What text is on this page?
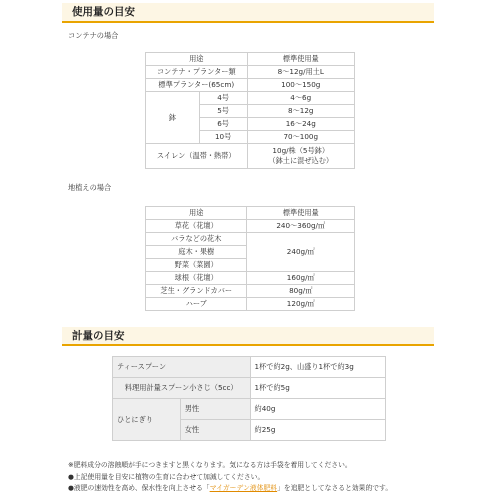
使用量の目安
コンテナの場合
用途		標準使用量
コンテナ・プランター類		8～12g/用土L
標準プランター(65cm)		100～150g
鉢	4号	4～6g
	5号	8～12g
	6号	16～24g
	10号	70～100g
スイレン（温帯・熱帯）		10g/株（5号鉢）
（鉢土に混ぜ込む）
地植えの場合
用途	標準使用量
草花（花壇）	240～360g/㎡
バラなどの花木	240g/㎡
庭木・果樹	
野菜（菜園）	
球根（花壇）	160g/㎡
芝生・グランドカバー	80g/㎡
ハーブ	120g/㎡
計量の目安
ティースプーン		1杯で約2g、山盛り1杯で約3g
料理用計量スプーン小さじ（5cc）		1杯で約5g
ひとにぎり	男性	約40g
	女性	約25g
※肥料成分の溶蝕順が手につきますと黒くなります。気になる方は手袋を着用してください。
●上記使用量を目安に植物の生育に合わせて加減してください。
●液肥の速効性を高め、保水性を向上させる「マイガーデン液体肥料」を追肥としてなさると効果的です。
